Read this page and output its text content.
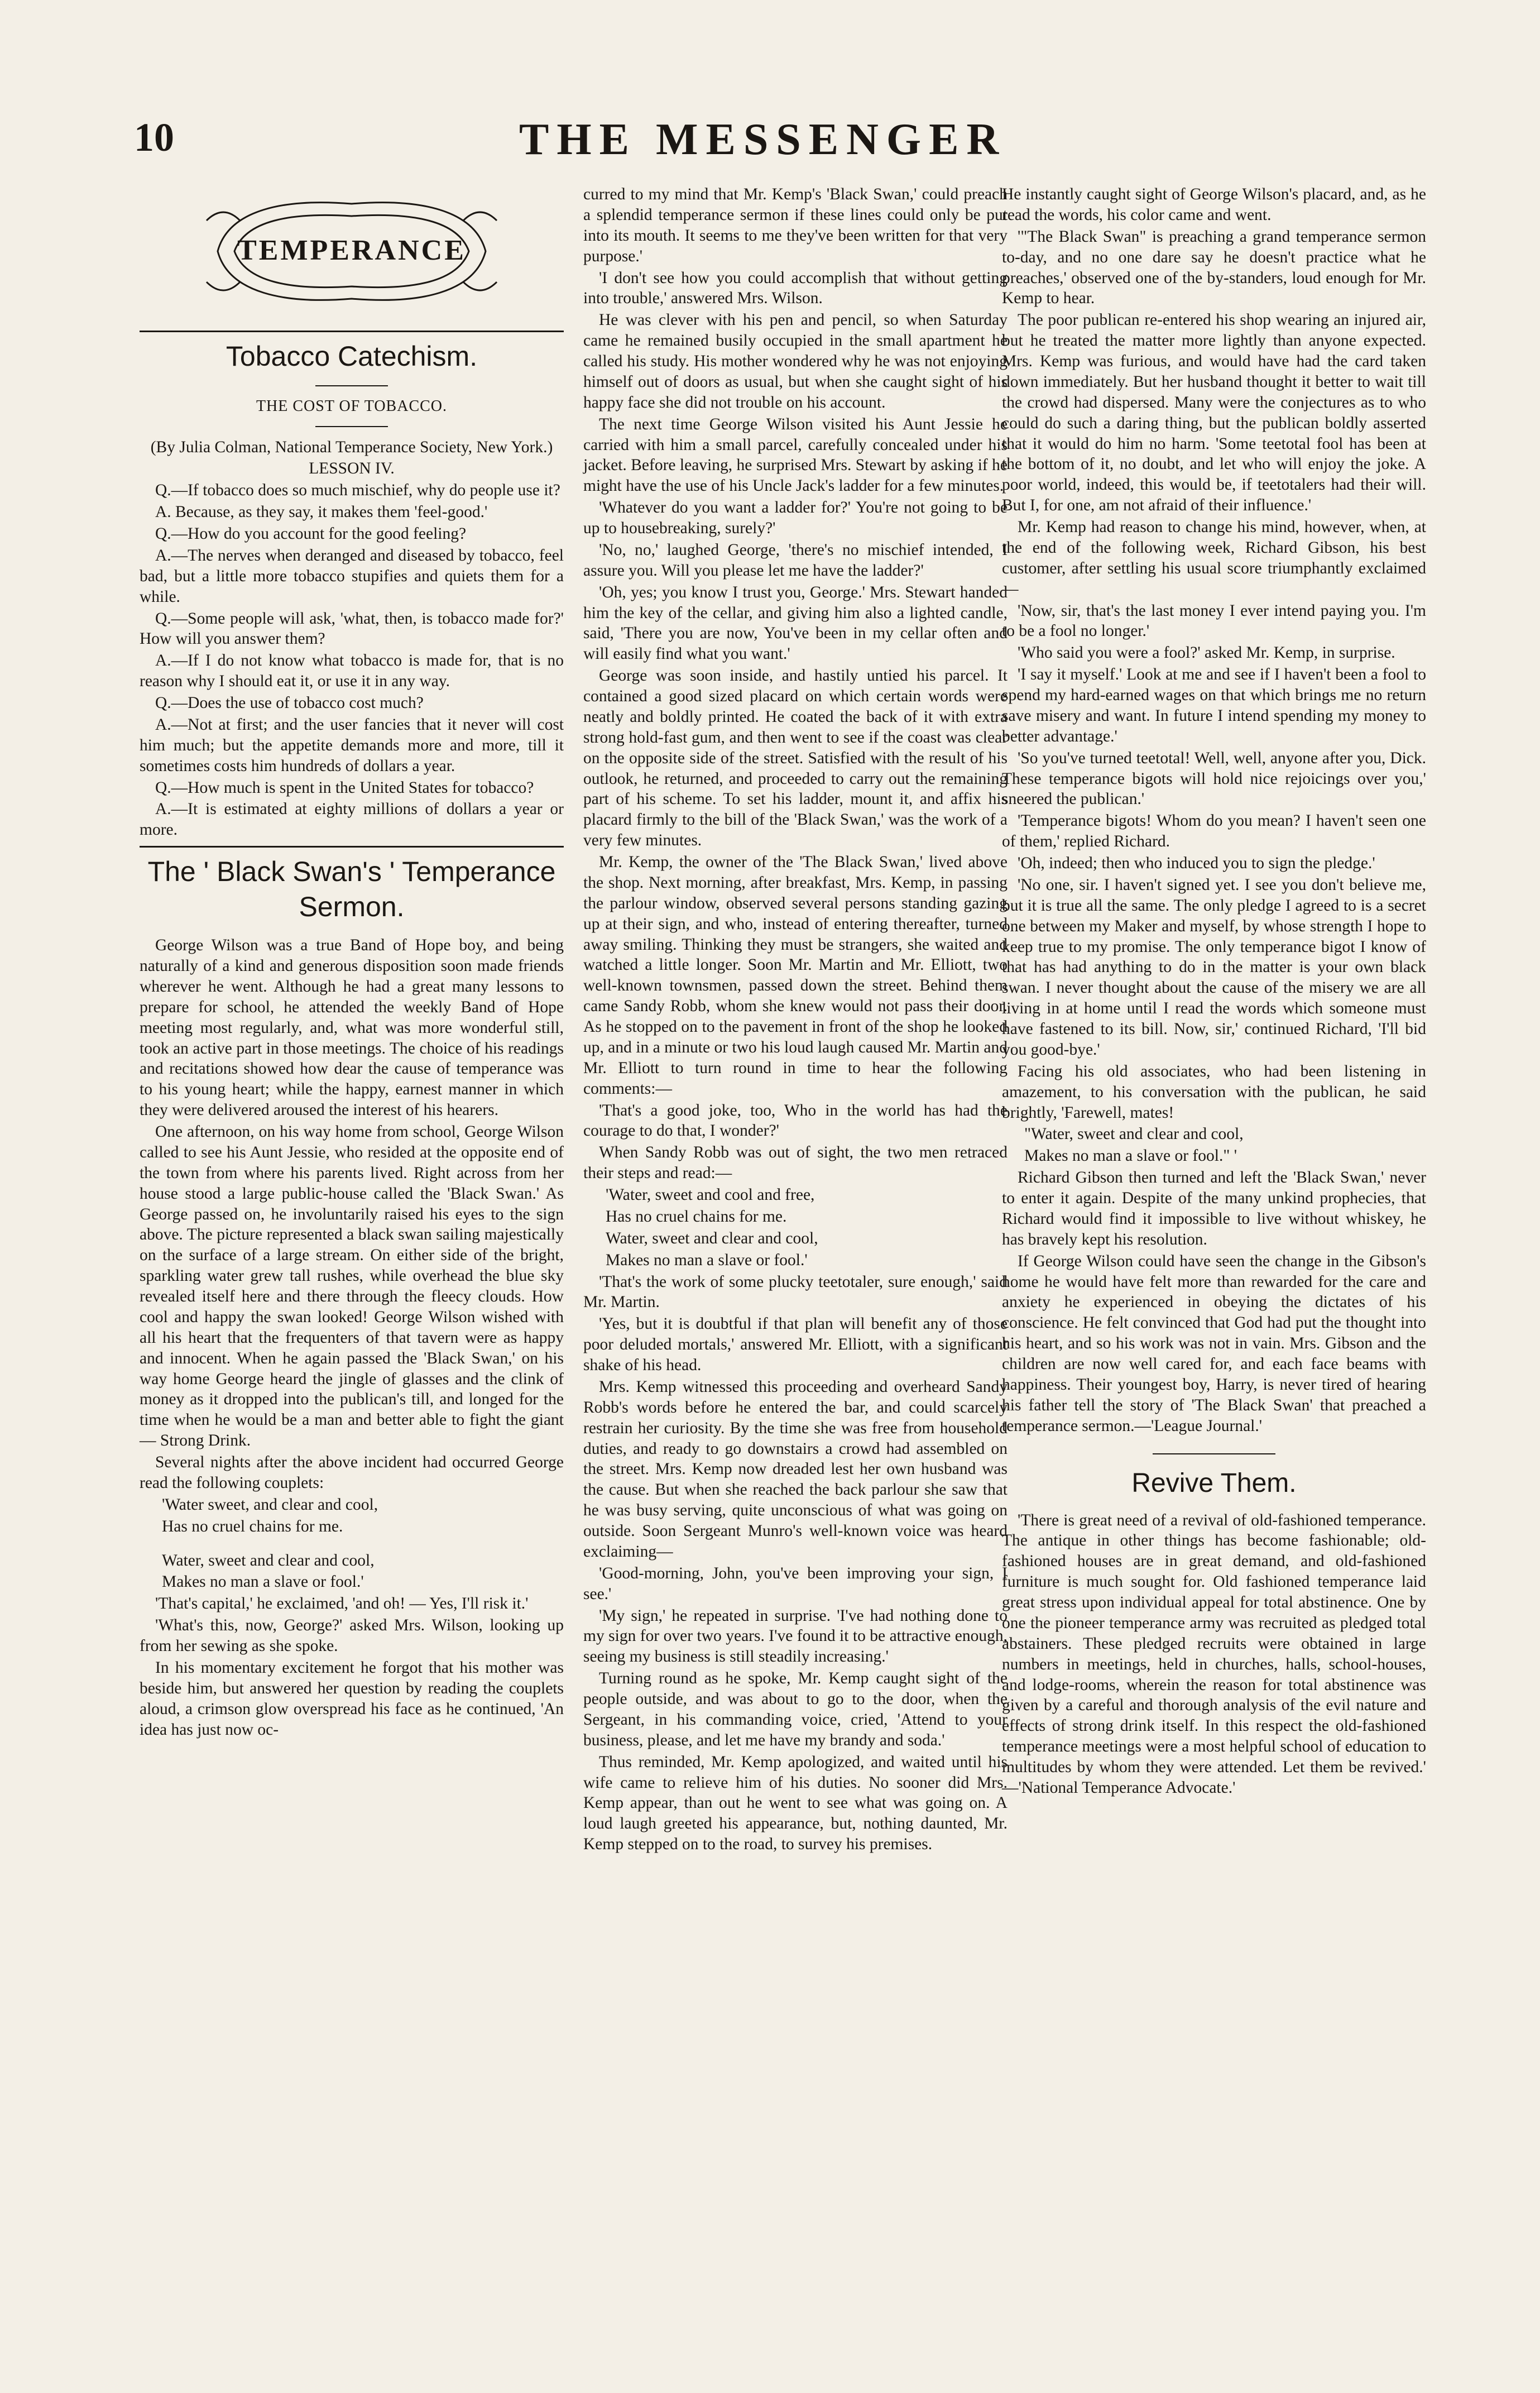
10	THE MESSENGER
TEMPERANCE
Tobacco Catechism.
THE COST OF TOBACCO.

(By Julia Colman, National Temperance Society, New York.)

LESSON IV.

Q.—If tobacco does so much mischief, why do people use it?

A. Because, as they say, it makes them 'feel-good.'

Q.—How do you account for the good feeling?

A.—The nerves when deranged and diseased by tobacco, feel bad, but a little more tobacco stupifies and quiets them for a while.

Q.—Some people will ask, 'what, then, is tobacco made for?' How will you answer them?

A.—If I do not know what tobacco is made for, that is no reason why I should eat it, or use it in any way.

Q.—Does the use of tobacco cost much?

A.—Not at first; and the user fancies that it never will cost him much; but the appetite demands more and more, till it sometimes costs him hundreds of dollars a year.

Q.—How much is spent in the United States for tobacco?

A.—It is estimated at eighty millions of dollars a year or more.

The ' Black Swan's ' Temperance Sermon.

George Wilson was a true Band of Hope boy, and being naturally of a kind and generous disposition soon made friends wherever he went. Although he had a great many lessons to prepare for school, he attended the weekly Band of Hope meeting most regularly, and, what was more wonderful still, took an active part in those meetings. The choice of his readings and recitations showed how dear the cause of temperance was to his young heart; while the happy, earnest manner in which they were delivered aroused the interest of his hearers.

One afternoon, on his way home from school, George Wilson called to see his Aunt Jessie, who resided at the opposite end of the town from where his parents lived. Right across from her house stood a large public-house called the 'Black Swan.' As George passed on, he involuntarily raised his eyes to the sign above. The picture represented a black swan sailing majestically on the surface of a large stream. On either side of the bright, sparkling water grew tall rushes, while overhead the blue sky revealed itself here and there through the fleecy clouds. How cool and happy the swan looked! George Wilson wished with all his heart that the frequenters of that tavern were as happy and innocent. When he again passed the 'Black Swan,' on his way home George heard the jingle of glasses and the clink of money as it dropped into the publican's till, and longed for the time when he would be a man and better able to fight the giant — Strong Drink.

Several nights after the above incident had occurred George read the following couplets:

'Water sweet, and clear and cool,

Has no cruel chains for me.

Water, sweet and clear and cool,

Makes no man a slave or fool.'

'That's capital,' he exclaimed, 'and oh! — Yes, I'll risk it.'

'What's this, now, George?' asked Mrs. Wilson, looking up from her sewing as she spoke.

In his momentary excitement he forgot that his mother was beside him, but answered her question by reading the couplets aloud, a crimson glow overspread his face as he continued, 'An idea has just now oc-

curred to my mind that Mr. Kemp's 'Black Swan,' could preach a splendid temperance sermon if these lines could only be put into its mouth. It seems to me they've been written for that very purpose.'

'I don't see how you could accomplish that without getting into trouble,' answered Mrs. Wilson.

He was clever with his pen and pencil, so when Saturday came he remained busily occupied in the small apartment he called his study. His mother wondered why he was not enjoying himself out of doors as usual, but when she caught sight of his happy face she did not trouble on his account.

The next time George Wilson visited his Aunt Jessie he carried with him a small parcel, carefully concealed under his jacket. Before leaving, he surprised Mrs. Stewart by asking if he might have the use of his Uncle Jack's ladder for a few minutes.

'Whatever do you want a ladder for?' You're not going to be up to housebreaking, surely?'

'No, no,' laughed George, 'there's no mischief intended, I assure you. Will you please let me have the ladder?'

'Oh, yes; you know I trust you, George.' Mrs. Stewart handed him the key of the cellar, and giving him also a lighted candle, said, 'There you are now, You've been in my cellar often and will easily find what you want.'

George was soon inside, and hastily untied his parcel. It contained a good sized placard on which certain words were neatly and boldly printed. He coated the back of it with extra strong hold-fast gum, and then went to see if the coast was clear on the opposite side of the street. Satisfied with the result of his outlook, he returned, and proceeded to carry out the remaining part of his scheme. To set his ladder, mount it, and affix his placard firmly to the bill of the 'Black Swan,' was the work of a very few minutes.

Mr. Kemp, the owner of the 'The Black Swan,' lived above the shop. Next morning, after breakfast, Mrs. Kemp, in passing the parlour window, observed several persons standing gazing up at their sign, and who, instead of entering thereafter, turned away smiling. Thinking they must be strangers, she waited and watched a little longer. Soon Mr. Martin and Mr. Elliott, two well-known townsmen, passed down the street. Behind them came Sandy Robb, whom she knew would not pass their door. As he stopped on to the pavement in front of the shop he looked up, and in a minute or two his loud laugh caused Mr. Martin and Mr. Elliott to turn round in time to hear the following comments:—

'That's a good joke, too, Who in the world has had the courage to do that, I wonder?'

When Sandy Robb was out of sight, the two men retraced their steps and read:—

'Water, sweet and cool and free,

Has no cruel chains for me.

Water, sweet and clear and cool,

Makes no man a slave or fool.'

'That's the work of some plucky teetotaler, sure enough,' said Mr. Martin.

'Yes, but it is doubtful if that plan will benefit any of those poor deluded mortals,' answered Mr. Elliott, with a significant shake of his head.

Mrs. Kemp witnessed this proceeding and overheard Sandy Robb's words before he entered the bar, and could scarcely restrain her curiosity. By the time she was free from household duties, and ready to go downstairs a crowd had assembled on the street. Mrs. Kemp now dreaded lest her own husband was the cause. But when she reached the back parlour she saw that he was busy serving, quite unconscious of what was going on outside. Soon Sergeant Munro's well-known voice was heard exclaiming—

'Good-morning, John, you've been improving your sign, I see.'

'My sign,' he repeated in surprise. 'I've had nothing done to my sign for over two years. I've found it to be attractive enough, seeing my business is still steadily increasing.'

Turning round as he spoke, Mr. Kemp caught sight of the people outside, and was about to go to the door, when the Sergeant, in his commanding voice, cried, 'Attend to your business, please, and let me have my brandy and soda.'

Thus reminded, Mr. Kemp apologized, and waited until his wife came to relieve him of his duties. No sooner did Mrs. Kemp appear, than out he went to see what was going on. A loud laugh greeted his appearance, but, nothing daunted, Mr. Kemp stepped on to the road, to survey his premises.

He instantly caught sight of George Wilson's placard, and, as he read the words, his color came and went.

'"The Black Swan" is preaching a grand temperance sermon to-day, and no one dare say he doesn't practice what he preaches,' observed one of the by-standers, loud enough for Mr. Kemp to hear.

The poor publican re-entered his shop wearing an injured air, but he treated the matter more lightly than anyone expected. Mrs. Kemp was furious, and would have had the card taken down immediately. But her husband thought it better to wait till the crowd had dispersed. Many were the conjectures as to who could do such a daring thing, but the publican boldly asserted that it would do him no harm. 'Some teetotal fool has been at the bottom of it, no doubt, and let who will enjoy the joke. A poor world, indeed, this would be, if teetotalers had their will. But I, for one, am not afraid of their influence.'

Mr. Kemp had reason to change his mind, however, when, at the end of the following week, Richard Gibson, his best customer, after settling his usual score triumphantly exclaimed—

'Now, sir, that's the last money I ever intend paying you. I'm to be a fool no longer.'

'Who said you were a fool?' asked Mr. Kemp, in surprise.

'I say it myself.' Look at me and see if I haven't been a fool to spend my hard-earned wages on that which brings me no return save misery and want. In future I intend spending my money to better advantage.'

'So you've turned teetotal! Well, well, anyone after you, Dick. These temperance bigots will hold nice rejoicings over you,' sneered the publican.'

'Temperance bigots! Whom do you mean? I haven't seen one of them,' replied Richard.

'Oh, indeed; then who induced you to sign the pledge.'

'No one, sir. I haven't signed yet. I see you don't believe me, but it is true all the same. The only pledge I agreed to is a secret one between my Maker and myself, by whose strength I hope to keep true to my promise. The only temperance bigot I know of that has had anything to do in the matter is your own black swan. I never thought about the cause of the misery we are all living in at home until I read the words which someone must have fastened to its bill. Now, sir,' continued Richard, 'I'll bid you good-bye.'

Facing his old associates, who had been listening in amazement, to his conversation with the publican, he said brightly, 'Farewell, mates!

"Water, sweet and clear and cool,

Makes no man a slave or fool." '

Richard Gibson then turned and left the 'Black Swan,' never to enter it again. Despite of the many unkind prophecies, that Richard would find it impossible to live without whiskey, he has bravely kept his resolution.

If George Wilson could have seen the change in the Gibson's home he would have felt more than rewarded for the care and anxiety he experienced in obeying the dictates of his conscience. He felt convinced that God had put the thought into his heart, and so his work was not in vain. Mrs. Gibson and the children are now well cared for, and each face beams with happiness. Their youngest boy, Harry, is never tired of hearing his father tell the story of 'The Black Swan' that preached a temperance sermon.—'League Journal.'

Revive Them.

'There is great need of a revival of old-fashioned temperance. The antique in other things has become fashionable; old-fashioned houses are in great demand, and old-fashioned furniture is much sought for. Old fashioned temperance laid great stress upon individual appeal for total abstinence. One by one the pioneer temperance army was recruited as pledged total abstainers. These pledged recruits were obtained in large numbers in meetings, held in churches, halls, school-houses, and lodge-rooms, wherein the reason for total abstinence was given by a careful and thorough analysis of the evil nature and effects of strong drink itself. In this respect the old-fashioned temperance meetings were a most helpful school of education to multitudes by whom they were attended. Let them be revived.' —'National Temperance Advocate.'
